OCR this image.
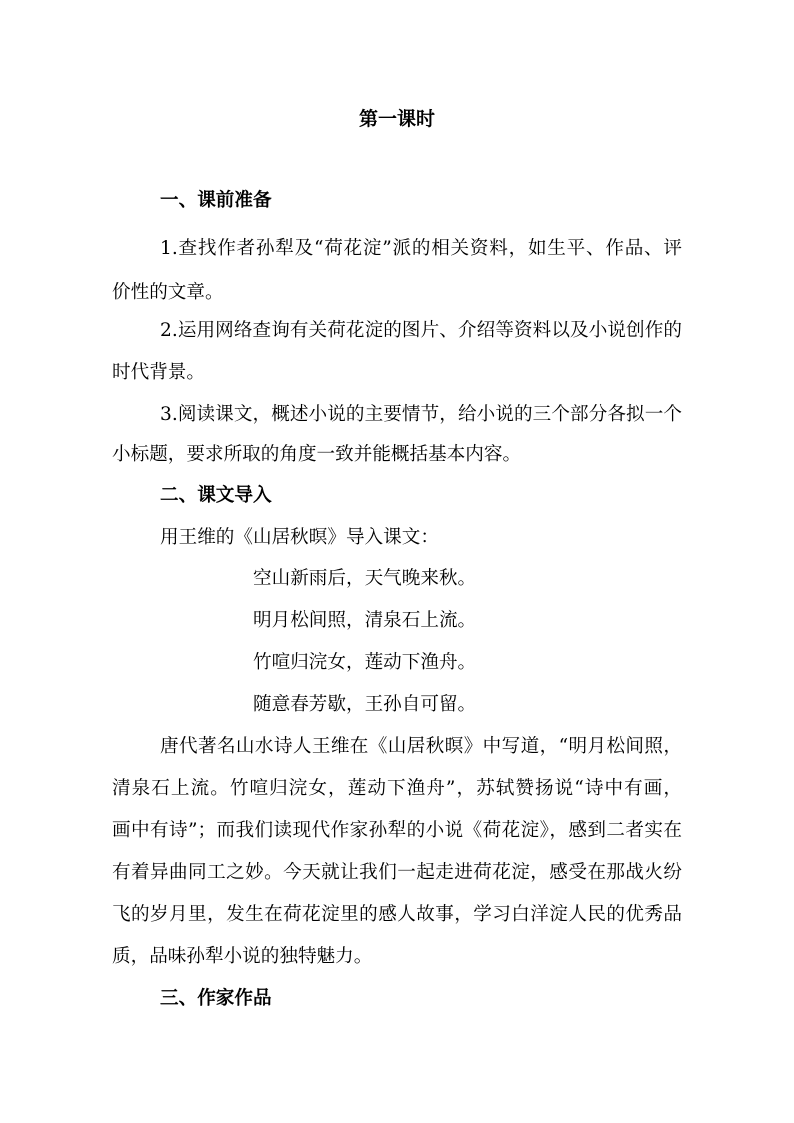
第一课时
一、课前准备
1.查找作者孙犁及“荷花淀”派的相关资料，如生平、作品、评
价性的文章。
2.运用网络查询有关荷花淀的图片、介绍等资料以及小说创作的
时代背景。
3.阅读课文，概述小说的主要情节，给小说的三个部分各拟一个
小标题，要求所取的角度一致并能概括基本内容。
二、课文导入
用王维的《山居秋暝》导入课文：
空山新雨后，天气晚来秋。
明月松间照，清泉石上流。
竹喧归浣女，莲动下渔舟。
随意春芳歇，王孙自可留。
唐代著名山水诗人王维在《山居秋暝》中写道，“明月松间照，
清泉石上流。竹喧归浣女，莲动下渔舟”，苏轼赞扬说“诗中有画，
画中有诗”；而我们读现代作家孙犁的小说《荷花淀》，感到二者实在
有着异曲同工之妙。今天就让我们一起走进荷花淀，感受在那战火纷
飞的岁月里，发生在荷花淀里的感人故事，学习白洋淀人民的优秀品
质，品味孙犁小说的独特魅力。
三、作家作品
